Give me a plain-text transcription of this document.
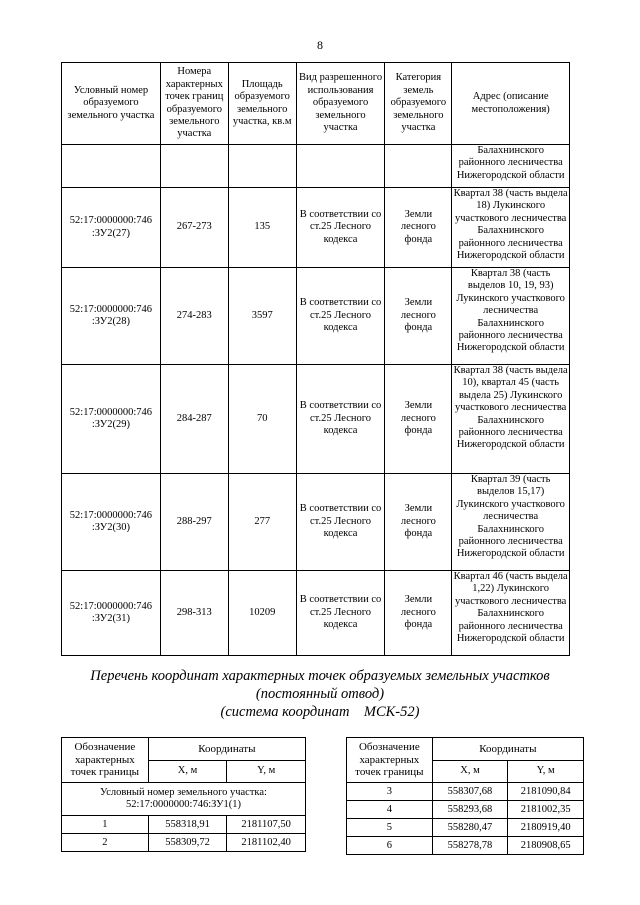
8
Условный номер образуемого земельного участка	Номера характерных точек границ образуемого земельного участка	Площадь образуемого земельного участка, кв.м	Вид разрешенного использования образуемого земельного участка	Категория земель образуемого земельного участка	Адрес (описание местоположения)
					Балахнинского районного лесничества Нижегородской области
52:17:0000000:746 :ЗУ2(27)	267-273	135	В соответствии со ст.25 Лесного кодекса	Земли лесного фонда	Квартал 38 (часть выдела 18) Лукинского участкового лесничества Балахнинского районного лесничества Нижегородской области
52:17:0000000:746 :ЗУ2(28)	274-283	3597	В соответствии со ст.25 Лесного кодекса	Земли лесного фонда	Квартал 38 (часть выделов 10, 19, 93) Лукинского участкового лесничества Балахнинского районного лесничества Нижегородской области
52:17:0000000:746 :ЗУ2(29)	284-287	70	В соответствии со ст.25 Лесного кодекса	Земли лесного фонда	Квартал 38 (часть выдела 10), квартал 45 (часть выдела 25) Лукинского участкового лесничества Балахнинского районного лесничества Нижегородской области
52:17:0000000:746 :ЗУ2(30)	288-297	277	В соответствии со ст.25 Лесного кодекса	Земли лесного фонда	Квартал 39 (часть выделов 15,17) Лукинского участкового лесничества Балахнинского районного лесничества Нижегородской области
52:17:0000000:746 :ЗУ2(31)	298-313	10209	В соответствии со ст.25 Лесного кодекса	Земли лесного фонда	Квартал 46 (часть выдела 1,22) Лукинского участкового лесничества Балахнинского районного лесничества Нижегородской области
Перечень координат характерных точек образуемых земельных участков
(постоянный отвод)
(система координат    МСК-52)
Обозначение характерных точек границы	Координаты	
	X, м	Y, м
Условный номер земельного участка: 52:17:0000000:746:ЗУ1(1)		
1	558318,91	2181107,50
2	558309,72	2181102,40
Обозначение характерных точек границы	Координаты	
	X, м	Y, м
3	558307,68	2181090,84
4	558293,68	2181002,35
5	558280,47	2180919,40
6	558278,78	2180908,65
